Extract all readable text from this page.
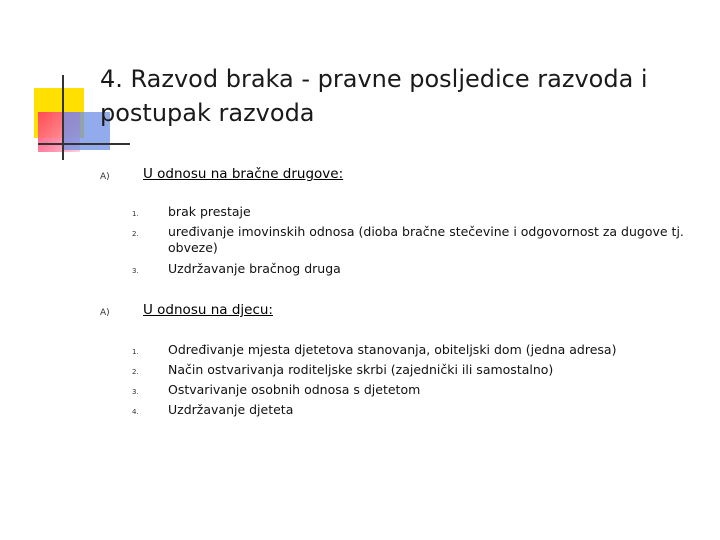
4. Razvod braka - pravne posljedice razvoda i postupak razvoda
A) U odnosu na bračne drugove:
1. brak prestaje
2. uređivanje imovinskih odnosa (dioba bračne stečevine i odgovornost za dugove tj. obveze)
3. Uzdržavanje bračnog druga
A) U odnosu na djecu:
1. Određivanje mjesta djetetova stanovanja, obiteljski dom (jedna adresa)
2. Način ostvarivanja roditeljske skrbi (zajednički ili samostalno)
3. Ostvarivanje osobnih odnosa s djetetom
4. Uzdržavanje djeteta
